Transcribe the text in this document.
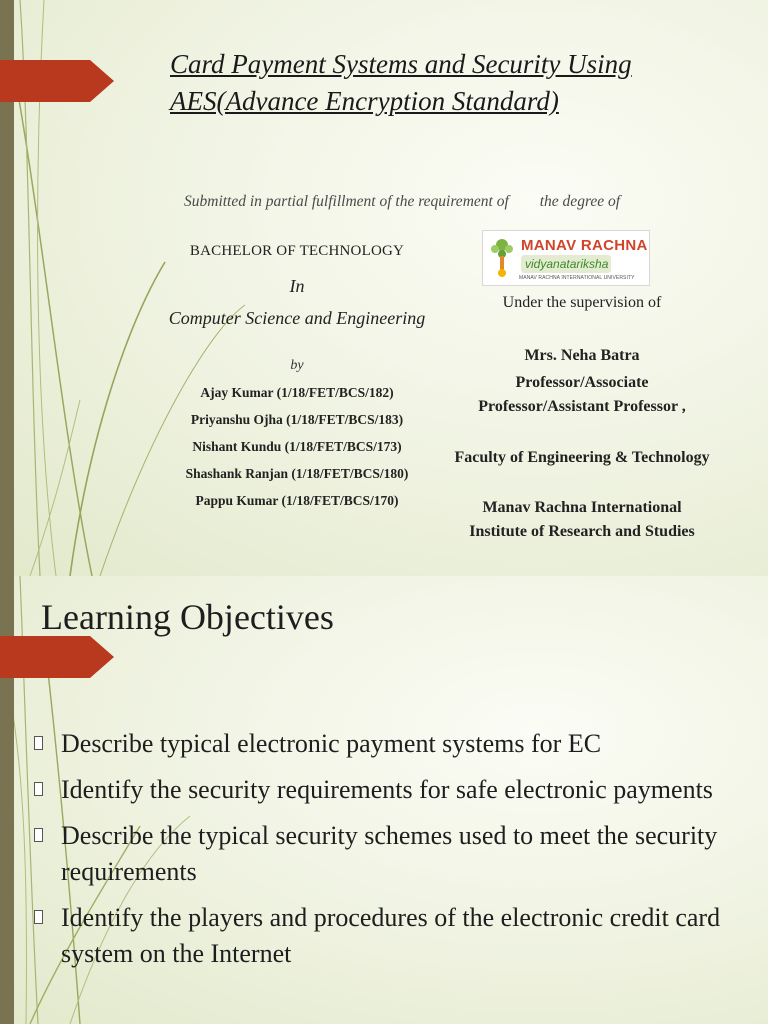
Card Payment Systems and Security Using AES(Advance Encryption Standard)
Submitted in partial fulfillment of the requirement of        the degree of
BACHELOR OF TECHNOLOGY
In
Computer Science and Engineering
by
Ajay Kumar (1/18/FET/BCS/182)
Priyanshu Ojha (1/18/FET/BCS/183)
Nishant Kundu (1/18/FET/BCS/173)
Shashank Ranjan (1/18/FET/BCS/180)
Pappu Kumar (1/18/FET/BCS/170)
MANAV RACHNA
vidyanatariksha
MANAV RACHNA INTERNATIONAL UNIVERSITY
Under the supervision of
Mrs. Neha Batra
Professor/Associate Professor/Assistant Professor ,
Faculty of Engineering & Technology
Manav Rachna International Institute of Research and Studies
Learning Objectives
Describe typical electronic payment systems for EC
Identify the security requirements for safe electronic payments
Describe the typical security schemes used to meet the security requirements
Identify the players and procedures of the electronic credit card system on the Internet
